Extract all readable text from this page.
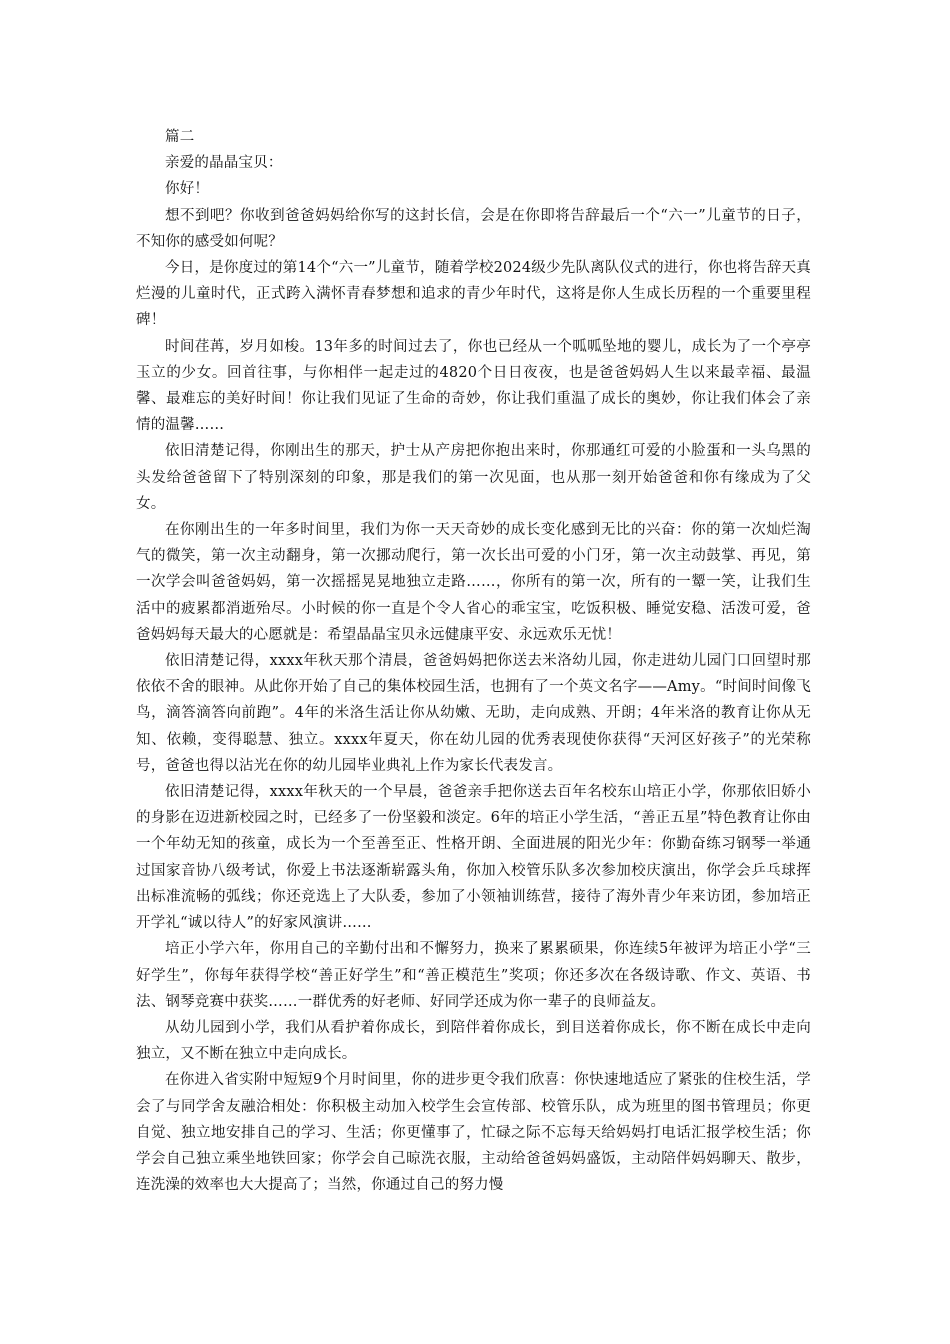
篇二

亲爱的晶晶宝贝：

你好！

想不到吧？你收到爸爸妈妈给你写的这封长信，会是在你即将告辞最后一个“六一”儿童节的日子，不知你的感受如何呢？

今日，是你度过的第14个“六一”儿童节，随着学校2024级少先队离队仪式的进行，你也将告辞天真烂漫的儿童时代，正式跨入满怀青春梦想和追求的青少年时代，这将是你人生成长历程的一个重要里程碑！

时间荏苒，岁月如梭。13年多的时间过去了，你也已经从一个呱呱坠地的婴儿，成长为了一个亭亭玉立的少女。回首往事，与你相伴一起走过的4820个日日夜夜，也是爸爸妈妈人生以来最幸福、最温馨、最难忘的美好时间！你让我们见证了生命的奇妙，你让我们重温了成长的奥妙，你让我们体会了亲情的温馨……

依旧清楚记得，你刚出生的那天，护士从产房把你抱出来时，你那通红可爱的小脸蛋和一头乌黑的头发给爸爸留下了特别深刻的印象，那是我们的第一次见面，也从那一刻开始爸爸和你有缘成为了父女。

在你刚出生的一年多时间里，我们为你一天天奇妙的成长变化感到无比的兴奋：你的第一次灿烂淘气的微笑，第一次主动翻身，第一次挪动爬行，第一次长出可爱的小门牙，第一次主动鼓掌、再见，第一次学会叫爸爸妈妈，第一次摇摇晃晃地独立走路……，你所有的第一次，所有的一颦一笑，让我们生活中的疲累都消逝殆尽。小时候的你一直是个令人省心的乖宝宝，吃饭积极、睡觉安稳、活泼可爱，爸爸妈妈每天最大的心愿就是：希望晶晶宝贝永远健康平安、永远欢乐无忧！

依旧清楚记得，xxxx年秋天那个清晨，爸爸妈妈把你送去米洛幼儿园，你走进幼儿园门口回望时那依依不舍的眼神。从此你开始了自己的集体校园生活，也拥有了一个英文名字——Amy。“时间时间像飞鸟，滴答滴答向前跑”。4年的米洛生活让你从幼嫩、无助，走向成熟、开朗；4年米洛的教育让你从无知、依赖，变得聪慧、独立。xxxx年夏天，你在幼儿园的优秀表现使你获得“天河区好孩子”的光荣称号，爸爸也得以沾光在你的幼儿园毕业典礼上作为家长代表发言。

依旧清楚记得，xxxx年秋天的一个早晨，爸爸亲手把你送去百年名校东山培正小学，你那依旧娇小的身影在迈进新校园之时，已经多了一份坚毅和淡定。6年的培正小学生活，“善正五星”特色教育让你由一个年幼无知的孩童，成长为一个至善至正、性格开朗、全面进展的阳光少年：你勤奋练习钢琴一举通过国家音协八级考试，你爱上书法逐渐崭露头角，你加入校管乐队多次参加校庆演出，你学会乒乓球挥出标准流畅的弧线；你还竞选上了大队委，参加了小领袖训练营，接待了海外青少年来访团，参加培正开学礼“诚以待人”的好家风演讲……

培正小学六年，你用自己的辛勤付出和不懈努力，换来了累累硕果，你连续5年被评为培正小学“三好学生”，你每年获得学校“善正好学生”和“善正模范生”奖项；你还多次在各级诗歌、作文、英语、书法、钢琴竞赛中获奖……一群优秀的好老师、好同学还成为你一辈子的良师益友。

从幼儿园到小学，我们从看护着你成长，到陪伴着你成长，到目送着你成长，你不断在成长中走向独立，又不断在独立中走向成长。

在你进入省实附中短短9个月时间里，你的进步更令我们欣喜：你快速地适应了紧张的住校生活，学会了与同学舍友融洽相处：你积极主动加入校学生会宣传部、校管乐队，成为班里的图书管理员；你更自觉、独立地安排自己的学习、生活；你更懂事了，忙碌之际不忘每天给妈妈打电话汇报学校生活；你学会自己独立乘坐地铁回家；你学会自己晾洗衣服，主动给爸爸妈妈盛饭，主动陪伴妈妈聊天、散步，连洗澡的效率也大大提高了；当然，你通过自己的努力慢
